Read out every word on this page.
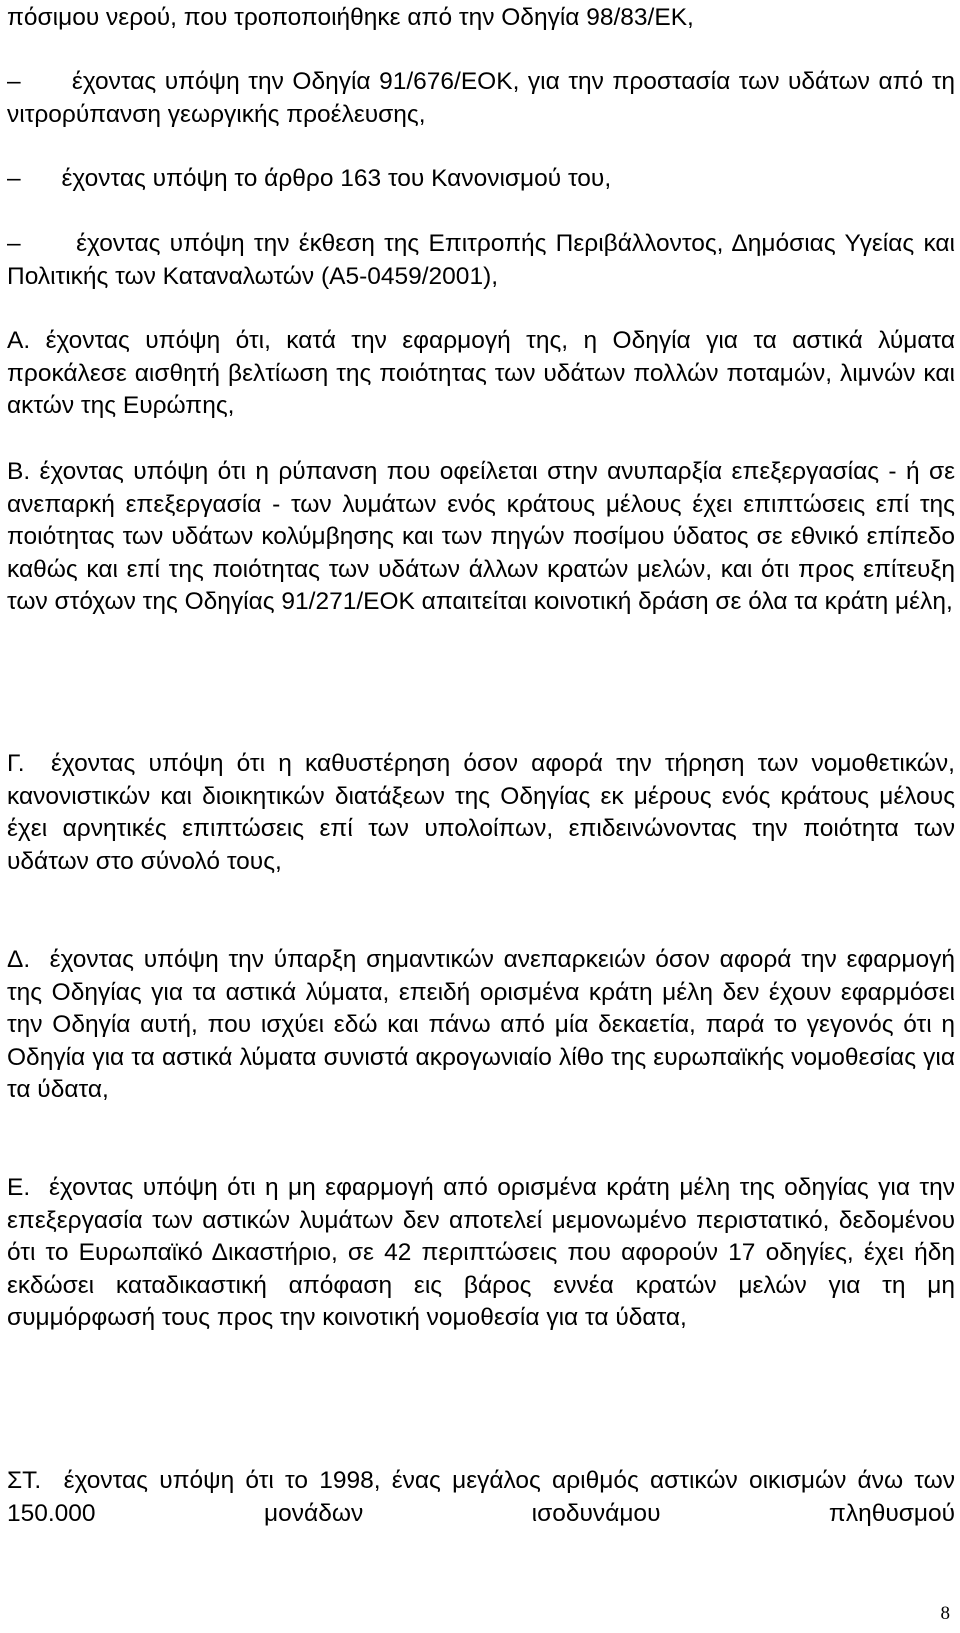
πόσιμου νερού, που τροποποιήθηκε από την Οδηγία 98/83/ΕΚ,

– έχοντας υπόψη την Οδηγία 91/676/ΕΟΚ, για την προστασία των υδάτων από τη νιτρορύπανση γεωργικής προέλευσης,

– έχοντας υπόψη το άρθρο 163 του Κανονισμού του,

– έχοντας υπόψη την έκθεση της Επιτροπής Περιβάλλοντος, Δημόσιας Υγείας και Πολιτικής των Καταναλωτών (Α5-0459/2001),

Α. έχοντας υπόψη ότι, κατά την εφαρμογή της, η Οδηγία για τα αστικά λύματα προκάλεσε αισθητή βελτίωση της ποιότητας των υδάτων πολλών ποταμών, λιμνών και ακτών της Ευρώπης,

Β. έχοντας υπόψη ότι η ρύπανση που οφείλεται στην ανυπαρξία επεξεργασίας - ή σε ανεπαρκή επεξεργασία - των λυμάτων ενός κράτους μέλους έχει επιπτώσεις επί της ποιότητας των υδάτων κολύμβησης και των πηγών ποσίμου ύδατος σε εθνικό επίπεδο καθώς και επί της ποιότητας των υδάτων άλλων κρατών μελών, και ότι προς επίτευξη των στόχων της Οδηγίας 91/271/ΕΟΚ απαιτείται κοινοτική δράση σε όλα τα κράτη μέλη,

Γ. έχοντας υπόψη ότι η καθυστέρηση όσον αφορά την τήρηση των νομοθετικών, κανονιστικών και διοικητικών διατάξεων της Οδηγίας εκ μέρους ενός κράτους μέλους έχει αρνητικές επιπτώσεις επί των υπολοίπων, επιδεινώνοντας την ποιότητα των υδάτων στο σύνολό τους,

Δ. έχοντας υπόψη την ύπαρξη σημαντικών ανεπαρκειών όσον αφορά την εφαρμογή της Οδηγίας για τα αστικά λύματα, επειδή ορισμένα κράτη μέλη δεν έχουν εφαρμόσει την Οδηγία αυτή, που ισχύει εδώ και πάνω από μία δεκαετία, παρά το γεγονός ότι η Οδηγία για τα αστικά λύματα συνιστά ακρογωνιαίο λίθο της ευρωπαϊκής νομοθεσίας για τα ύδατα,

Ε. έχοντας υπόψη ότι η μη εφαρμογή από ορισμένα κράτη μέλη της οδηγίας για την επεξεργασία των αστικών λυμάτων δεν αποτελεί μεμονωμένο περιστατικό, δεδομένου ότι το Ευρωπαϊκό Δικαστήριο, σε 42 περιπτώσεις που αφορούν 17 οδηγίες, έχει ήδη εκδώσει καταδικαστική απόφαση εις βάρος εννέα κρατών μελών για τη μη συμμόρφωσή τους προς την κοινοτική νομοθεσία για τα ύδατα,

ΣΤ. έχοντας υπόψη ότι το 1998, ένας μεγάλος αριθμός αστικών οικισμών άνω των 150.000 μονάδων ισοδυνάμου πληθυσμού

8
